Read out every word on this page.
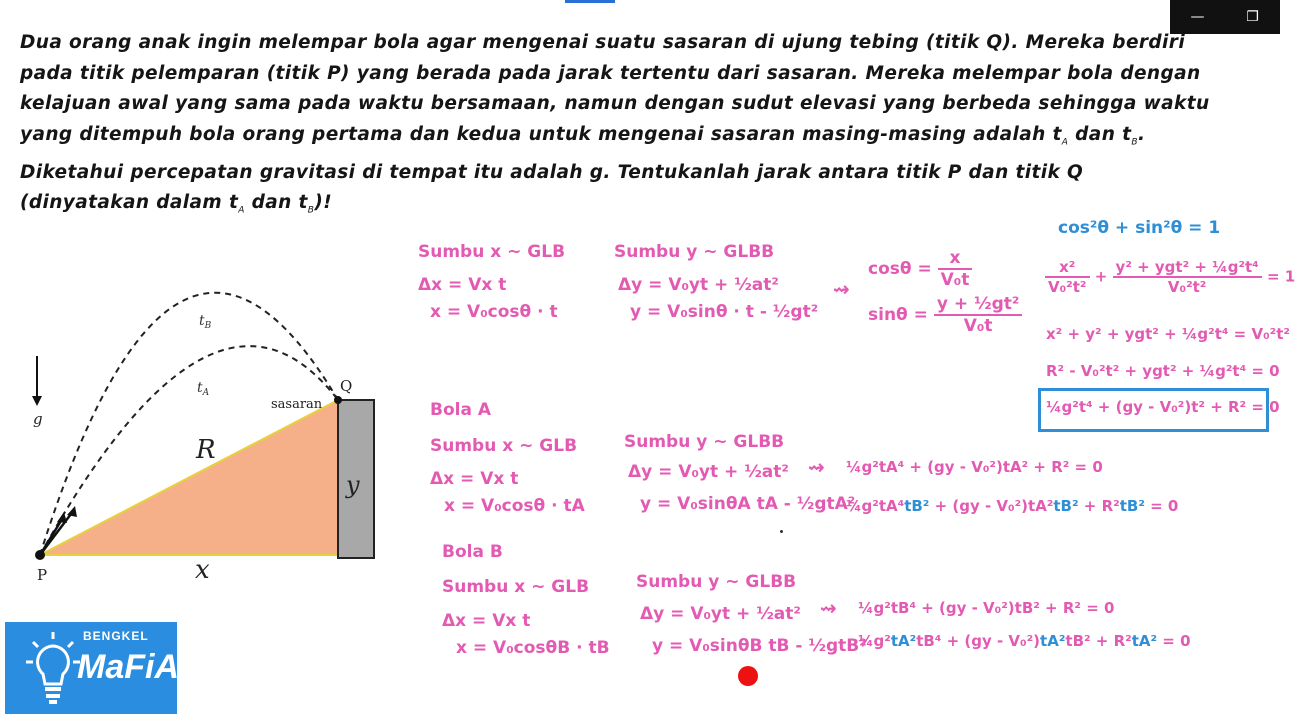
—	❐
Dua orang anak ingin melempar bola agar mengenai suatu sasaran di ujung tebing (titik Q). Mereka berdiri
pada titik pelemparan (titik P) yang berada pada jarak tertentu dari sasaran. Mereka melempar bola dengan
kelajuan awal yang sama pada waktu bersamaan, namun dengan sudut elevasi yang berbeda sehingga waktu
yang ditempuh bola orang pertama dan kedua untuk mengenai sasaran masing-masing adalah $t_A$ dan $t_B$.
Diketahui percepatan gravitasi di tempat itu adalah g. Tentukanlah jarak antara titik P dan titik Q
(dinyatakan dalam $t_A$ dan $t_B$)!
$t_B$
$t_A$	Q
sasaran
g
R
y
P	x
Sumbu x ~ GLB
Δx = Vx t
x = V₀cosθ · t
Sumbu y ~ GLBB
Δy = V₀yt + ½at²
y = V₀sinθ · t - ½gt²
⇝
$\cos\theta = \frac{x}{\text{V₀t}}$
$\sin\theta = \frac{\text{y + ½gt²}}{\text{V₀t}}$
cos²θ + sin²θ = 1
$\frac{\text{x²}}{\text{V₀²t²}} + \frac{\text{y² + ygt² + ¼g²t⁴}}{\text{V₀²t²}} = 1$
x² + y² + ygt² + ¼g²t⁴ = V₀²t²
R² - V₀²t² + ygt² + ¼g²t⁴ = 0
¼g²t⁴ + (gy - V₀²)t² + R² = 0
Bola A
Sumbu x ~ GLB
Δx = Vx t
x = V₀cosθ · tA
Sumbu y ~ GLBB
Δy = V₀yt + ½at²
y = V₀sinθA tA - ½gtA²
⇝ ¼g²tA⁴ + (gy - V₀²)tA² + R² = 0
¼g²tA⁴tB² + (gy - V₀²)tA²tB² + R²tB² = 0
Bola B
Sumbu x ~ GLB
Δx = Vx t
x = V₀cosθB · tB
Sumbu y ~ GLBB
Δy = V₀yt + ½at²
y = V₀sinθB tB - ½gtB²
⇝ ¼g²tB⁴ + (gy - V₀²)tB² + R² = 0
¼g²tA²tB⁴ + (gy - V₀²)tA²tB² + R²tA² = 0
BENGKEL
MaFiA
